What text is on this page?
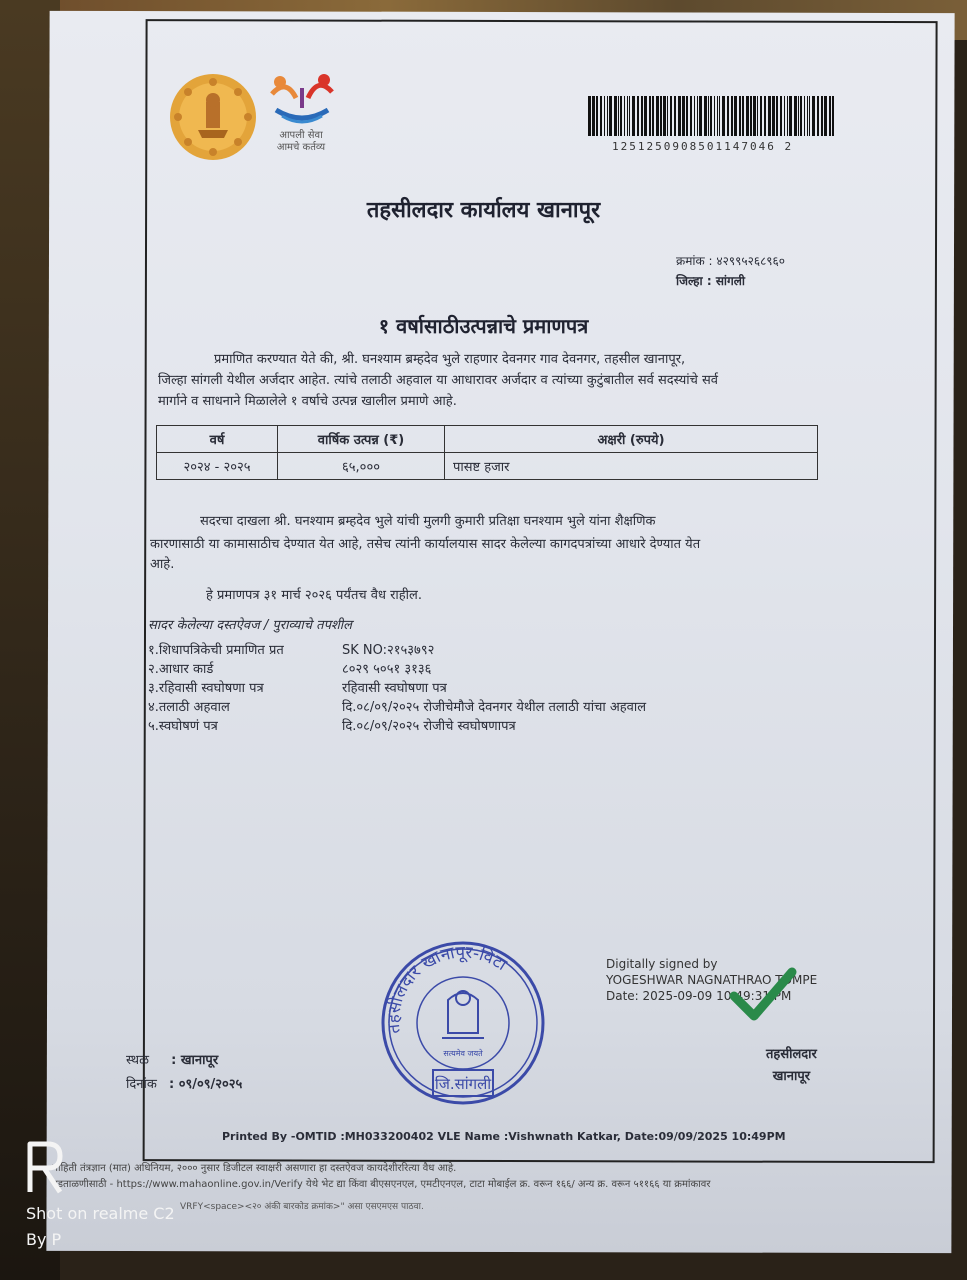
आपली सेवा आमचे कर्तव्य	1251250908501147046 2
तहसीलदार कार्यालय खानापूर
क्रमांक : ४२९९५२६८९६०
जिल्हा : सांगली
१ वर्षासाठीउत्पन्नाचे प्रमाणपत्र
प्रमाणित करण्यात येते की, श्री. घनश्याम ब्रम्हदेव भुले राहणार देवनगर गाव देवनगर, तहसील खानापूर,
जिल्हा सांगली येथील अर्जदार आहेत. त्यांचे तलाठी अहवाल या आधारावर अर्जदार व त्यांच्या कुटुंबातील सर्व सदस्यांचे सर्व
मार्गाने व साधनाने मिळालेले १ वर्षाचे उत्पन्न खालील प्रमाणे आहे.
वर्ष	वार्षिक उत्पन्न (₹)	अक्षरी (रुपये)
२०२४ - २०२५	६५,०००	पासष्ट हजार
सदरचा दाखला श्री. घनश्याम ब्रम्हदेव भुले यांची मुलगी कुमारी प्रतिक्षा घनश्याम भुले यांना शैक्षणिक
कारणासाठी या कामासाठीच देण्यात येत आहे, तसेच त्यांनी कार्यालयास सादर केलेल्या कागदपत्रांच्या आधारे देण्यात येत
आहे.
हे प्रमाणपत्र ३१ मार्च २०२६ पर्यंतच वैध राहील.
सादर केलेल्या दस्तऐवज / पुराव्याचे तपशील
१.शिधापत्रिकेची प्रमाणित प्रत	SK NO:२१५३७९२
२.आधार कार्ड	८०२९ ५०५१ ३१३६
३.रहिवासी स्वघोषणा पत्र	रहिवासी स्वघोषणा पत्र
४.तलाठी अहवाल	दि.०८/०९/२०२५ रोजीचेमौजे देवनगर येथील तलाठी यांचा अहवाल
५.स्वघोषणं पत्र	दि.०८/०९/२०२५ रोजीचे स्वघोषणापत्र
तहसीलदार खानापूर-विटा
सत्यमेव जयते
जि.सांगली
Digitally signed by
YOGESHWAR NAGNATHRAO TOMPE
Date: 2025-09-09 10:49:31 PM
तहसीलदार
खानापूर
स्थळ : खानापूर
दिनांक : ०९/०९/२०२५
Printed By -OMTID :MH033200402 VLE Name :Vishwnath Katkar, Date:09/09/2025 10:49PM
माहिती तंत्रज्ञान (मात) अधिनियम, २००० नुसार डिजीटल स्वाक्षरी असणारा हा दस्तऐवज कायदेशीररित्या वैध आहे.
पडताळणीसाठी - https://www.mahaonline.gov.in/Verify येथे भेट द्या किंवा बीएसएनएल, एमटीएनएल, टाटा मोबाईल क्र. वरून १६६/ अन्य क्र. वरून ५११६६ या क्रमांकावर
VRFY<space><२० अंकी बारकोड क्रमांक>" असा एसएमएस पाठवा.
Shot on realme C2
By P
